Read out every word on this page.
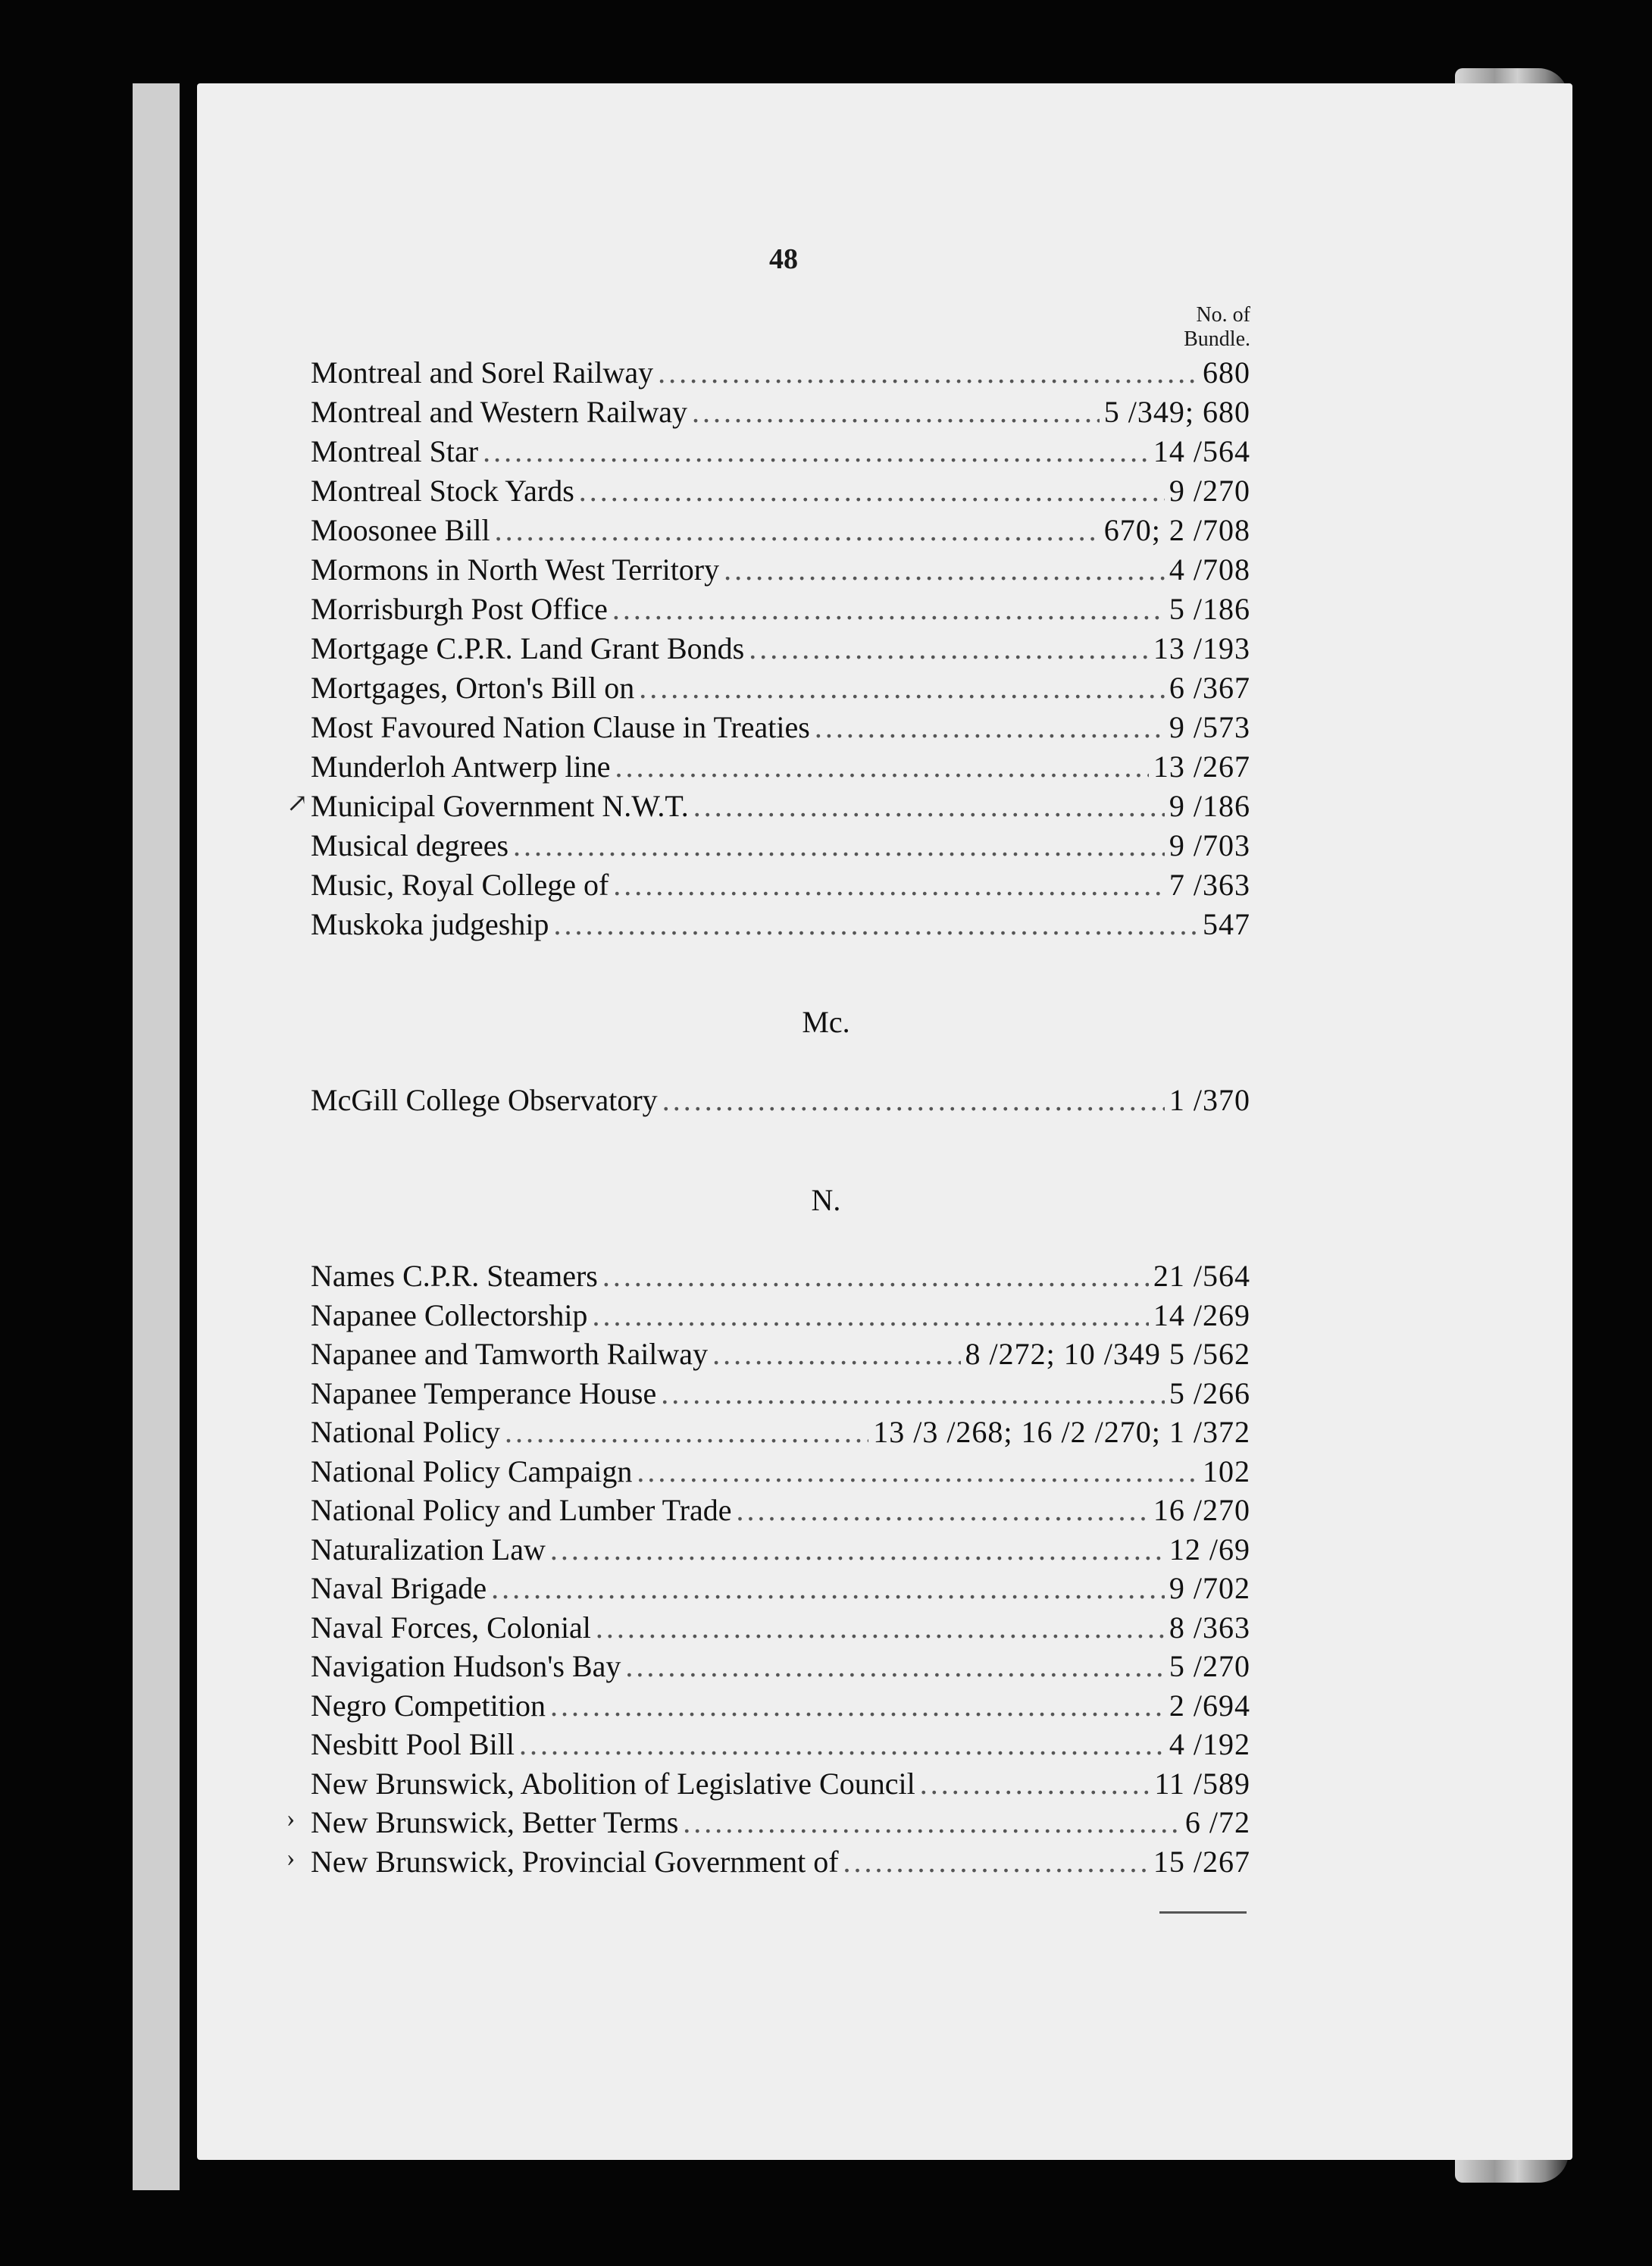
48
No. of
Bundle.
Montreal and Sorel Railway .....	680
Montreal and Western Railway .....	5 /349; 680
Montreal Star .....	14 /564
Montreal Stock Yards .....	9 /270
Moosonee Bill .....	670; 2 /708
Mormons in North West Territory .....	4 /708
Morrisburgh Post Office .....	5 /186
Mortgage C.P.R. Land Grant Bonds .....	13 /193
Mortgages, Orton's Bill on .....	6 /367
Most Favoured Nation Clause in Treaties .....	9 /573
Munderloh Antwerp line .....	13 /267
↗ Municipal Government N.W.T. .....	9 /186
Musical degrees .....	9 /703
Music, Royal College of .....	7 /363
Muskoka judgeship .....	547
Mc.
McGill College Observatory .....	1 /370
N.
Names C.P.R. Steamers .....	21 /564
Napanee Collectorship .....	14 /269
Napanee and Tamworth Railway .....	8 /272; 10 /349 5 /562
Napanee Temperance House .....	5 /266
National Policy .....	13 /3 /268; 16 /2 /270; 1 /372
National Policy Campaign .....	102
National Policy and Lumber Trade .....	16 /270
Naturalization Law .....	12 /69
Naval Brigade .....	9 /702
Naval Forces, Colonial .....	8 /363
Navigation Hudson's Bay .....	5 /270
Negro Competition .....	2 /694
Nesbitt Pool Bill .....	4 /192
New Brunswick, Abolition of Legislative Council .....	11 /589
› New Brunswick, Better Terms .....	6 /72
› New Brunswick, Provincial Government of .....	15 /267
